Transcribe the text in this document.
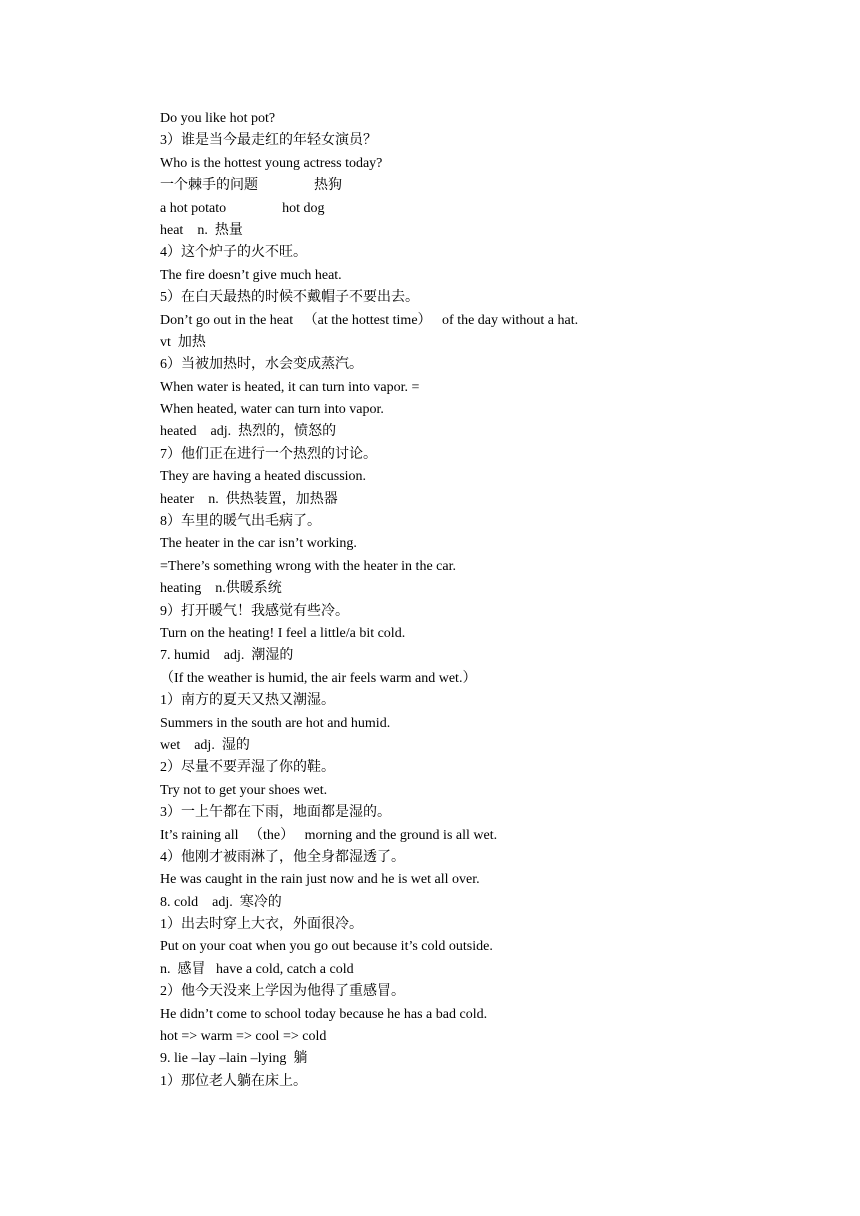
Do you like hot pot?
3）谁是当今最走红的年轻女演员？
Who is the hottest young actress today?
一个棘手的问题                热狗
a hot potato                hot dog
heat    n.  热量
4）这个炉子的火不旺。
The fire doesn’t give much heat.
5）在白天最热的时候不戴帽子不要出去。
Don’t go out in the heat   （at the hottest time）   of the day without a hat.
vt  加热
6）当被加热时，水会变成蒸汽。
When water is heated, it can turn into vapor. =
When heated, water can turn into vapor.
heated    adj.  热烈的，愤怒的
7）他们正在进行一个热烈的讨论。
They are having a heated discussion.
heater    n.  供热装置，加热器
8）车里的暖气出毛病了。
The heater in the car isn’t working.
=There’s something wrong with the heater in the car.
heating    n.供暖系统
9）打开暖气！我感觉有些冷。
Turn on the heating! I feel a little/a bit cold.
7. humid    adj.  潮湿的
（If the weather is humid, the air feels warm and wet.）
1）南方的夏天又热又潮湿。
Summers in the south are hot and humid.
wet    adj.  湿的
2）尽量不要弄湿了你的鞋。
Try not to get your shoes wet.
3）一上午都在下雨，地面都是湿的。
It’s raining all   （the）   morning and the ground is all wet.
4）他刚才被雨淋了，他全身都湿透了。
He was caught in the rain just now and he is wet all over.
8. cold    adj.  寒冷的
1）出去时穿上大衣，外面很冷。
Put on your coat when you go out because it’s cold outside.
n.  感冒   have a cold, catch a cold
2）他今天没来上学因为他得了重感冒。
He didn’t come to school today because he has a bad cold.
hot => warm => cool => cold
9. lie –lay –lain –lying  躺
1）那位老人躺在床上。
